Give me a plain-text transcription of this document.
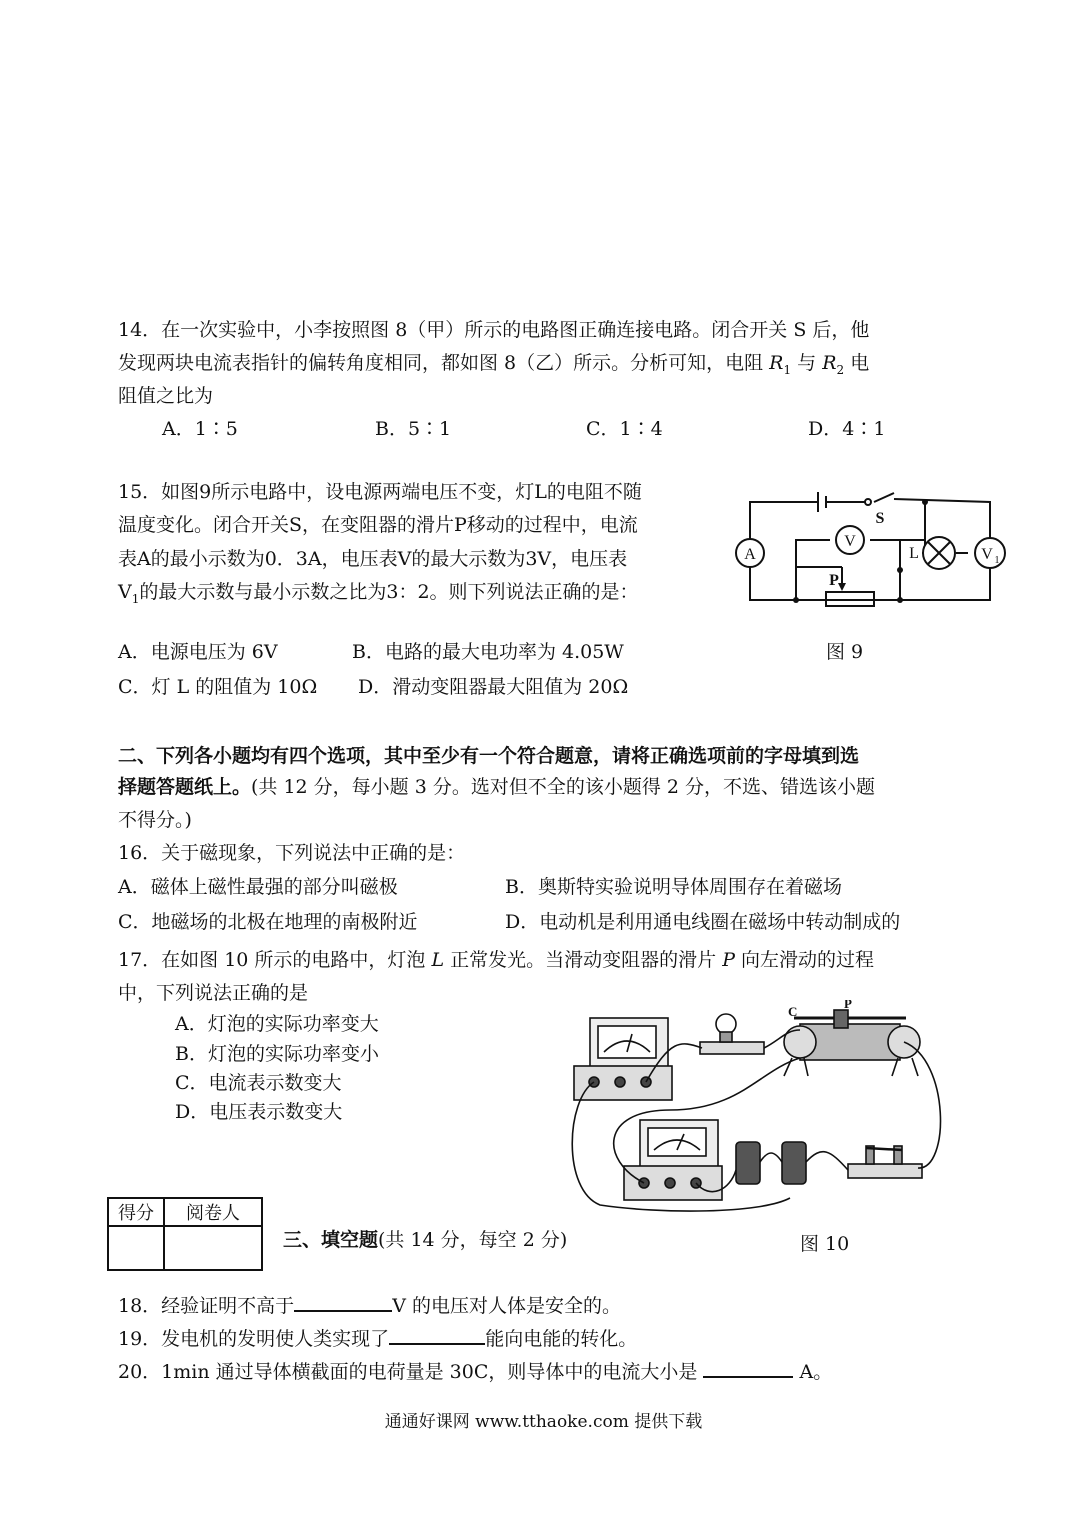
14．在一次实验中，小李按照图 8（甲）所示的电路图正确连接电路。闭合开关 S 后，他
发现两块电流表指针的偏转角度相同，都如图 8（乙）所示。分析可知，电阻 $R_1$ 与 $R_2$ 电
阻值之比为
A．1∶5	B．5∶1	C．1∶4	D．4∶1
15．如图9所示电路中，设电源两端电压不变，灯L的电阻不随
温度变化。闭合开关S，在变阻器的滑片P移动的过程中，电流
表A的最小示数为0．3A，电压表V的最大示数为3V，电压表
$V_1$的最大示数与最小示数之比为3：2。则下列说法正确的是：
A
V
V 1
S
L
P
A．电源电压为 6V	B．电路的最大电功率为 4.05W	图 9
C．灯 L 的阻值为 10Ω D．滑动变阻器最大阻值为 20Ω
二、下列各小题均有四个选项，其中至少有一个符合题意，请将正确选项前的字母填到选
择题答题纸上。(共 12 分，每小题 3 分。选对但不全的该小题得 2 分，不选、错选该小题
不得分。)
16．关于磁现象，下列说法中正确的是：
A．磁体上磁性最强的部分叫磁极	B．奥斯特实验说明导体周围存在着磁场
C．地磁场的北极在地理的南极附近	D．电动机是利用通电线圈在磁场中转动制成的
17．在如图 10 所示的电路中，灯泡 L 正常发光。当滑动变阻器的滑片 P 向左滑动的过程
中，下列说法正确的是
A．灯泡的实际功率变大
B．灯泡的实际功率变小
C．电流表示数变大
D．电压表示数变大
C
P
得分	阅卷人

三、填空题(共 14 分，每空 2 分)	图 10
18．经验证明不高于	V 的电压对人体是安全的。
19．发电机的发明使人类实现了	能向电能的转化。
20．1min 通过导体横截面的电荷量是 30C，则导体中的电流大小是	A。
通通好课网 www.tthaoke.com 提供下载
